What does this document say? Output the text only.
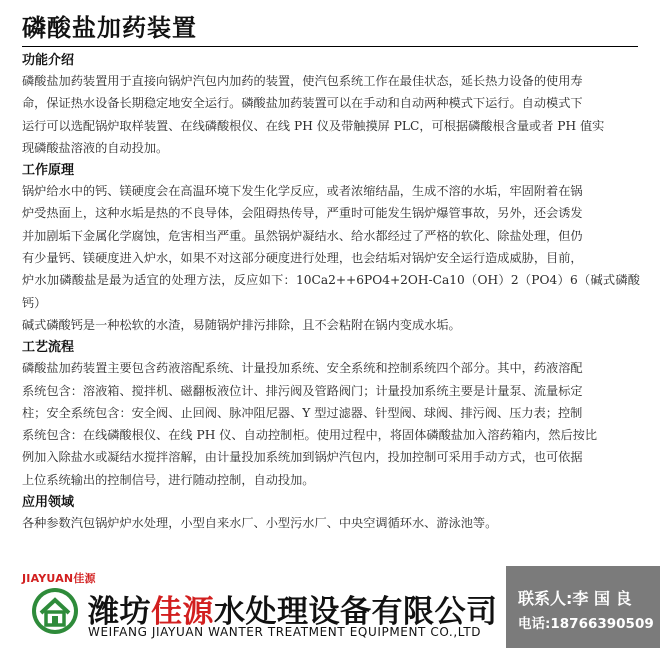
磷酸盐加药装置
功能介绍
磷酸盐加药装置用于直接向锅炉汽包内加药的装置，使汽包系统工作在最佳状态，延长热力设备的使用寿
命，保证热水设备长期稳定地安全运行。磷酸盐加药装置可以在手动和自动两种模式下运行。自动模式下
运行可以选配锅炉取样装置、在线磷酸根仪、在线 PH 仪及带触摸屏 PLC，可根据磷酸根含量或者 PH 值实
现磷酸盐溶液的自动投加。
工作原理
锅炉给水中的钙、镁硬度会在高温环境下发生化学反应，或者浓缩结晶，生成不溶的水垢，牢固附着在锅
炉受热面上，这种水垢是热的不良导体，会阻碍热传导，严重时可能发生锅炉爆管事故，另外，还会诱发
并加剧垢下金属化学腐蚀，危害相当严重。虽然锅炉凝结水、给水都经过了严格的软化、除盐处理，但仍
有少量钙、镁硬度进入炉水，如果不对这部分硬度进行处理，也会结垢对锅炉安全运行造成威胁，目前，
炉水加磷酸盐是最为适宜的处理方法，反应如下：10Ca2++6PO4+2OH-Ca10（OH）2（PO4）6（碱式磷酸钙）
碱式磷酸钙是一种松软的水渣，易随锅炉排污排除，且不会粘附在锅内变成水垢。
工艺流程
磷酸盐加药装置主要包含药液溶配系统、计量投加系统、安全系统和控制系统四个部分。其中，药液溶配
系统包含：溶液箱、搅拌机、磁翻板液位计、排污阀及管路阀门；计量投加系统主要是计量泵、流量标定
柱；安全系统包含：安全阀、止回阀、脉冲阻尼器、Y 型过滤器、针型阀、球阀、排污阀、压力表；控制
系统包含：在线磷酸根仪、在线 PH 仪、自动控制柜。使用过程中，将固体磷酸盐加入溶药箱内，然后按比
例加入除盐水或凝结水搅拌溶解，由计量投加系统加到锅炉汽包内，投加控制可采用手动方式，也可依据
上位系统输出的控制信号，进行随动控制，自动投加。
应用领域
各种参数汽包锅炉炉水处理，小型自来水厂、小型污水厂、中央空调循环水、游泳池等。
JIAYUAN佳源
潍坊佳源水处理设备有限公司
WEIFANG JIAYUAN WANTER TREATMENT EQUIPMENT CO.,LTD
联系人:李 国 良
电话:18766390509
